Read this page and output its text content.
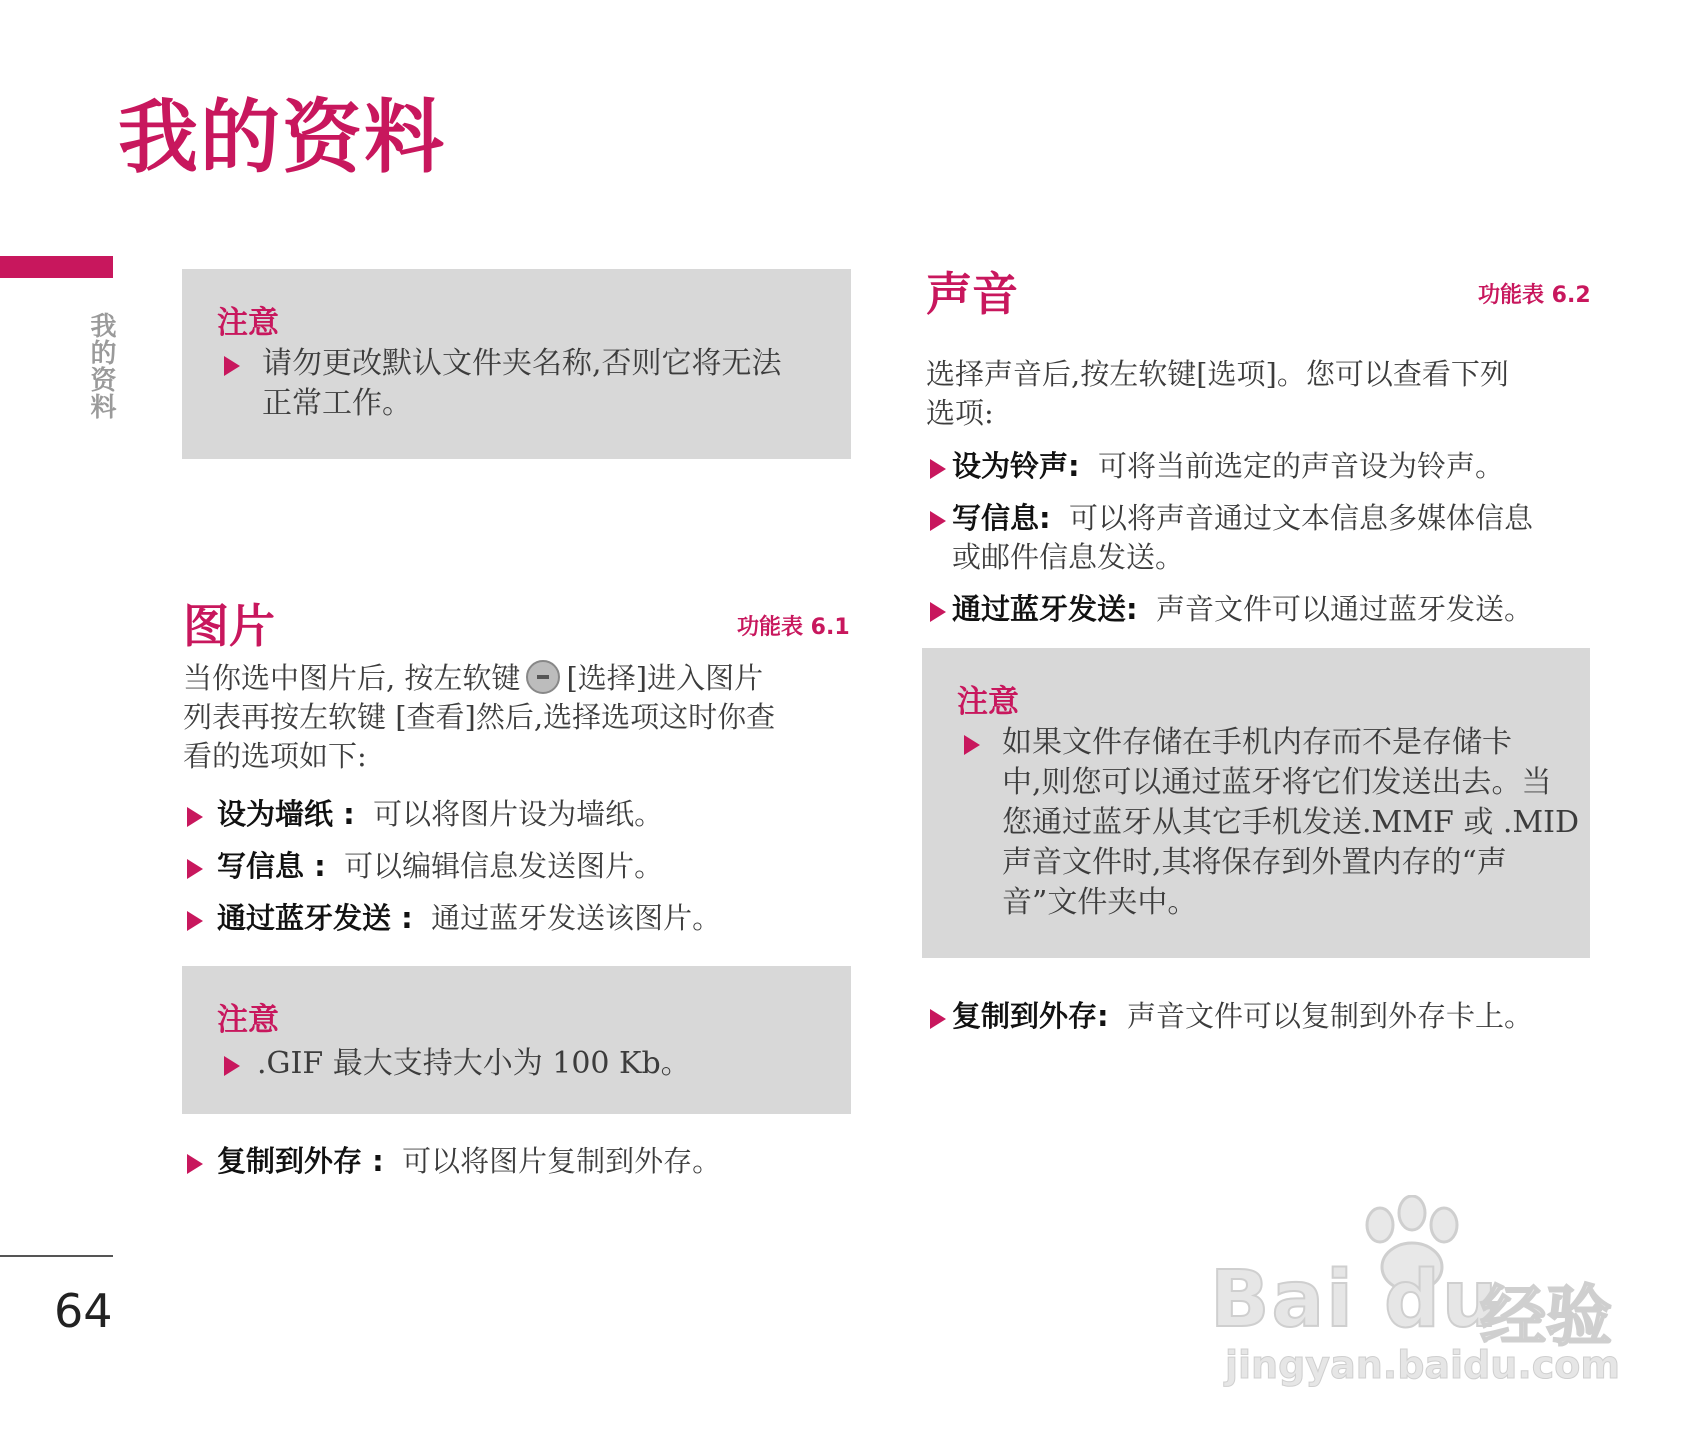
我的资料
我的资料
64
注意
请勿更改默认文件夹名称,否则它将无法
正常工作。
图片	功能表 6.1
当你选中图片后, 按左软键 [选择]进入图片
列表再按左软键 [查看]然后,选择选项这时你查
看的选项如下:
设为墙纸 : 可以将图片设为墙纸。
写信息 : 可以编辑信息发送图片。
通过蓝牙发送 : 通过蓝牙发送该图片。
注意
.GIF 最大支持大小为 100 Kb。
复制到外存 : 可以将图片复制到外存。
声音	功能表 6.2
选择声音后,按左软键[选项]。您可以查看下列
选项:
设为铃声: 可将当前选定的声音设为铃声。
写信息: 可以将声音通过文本信息多媒体信息
或邮件信息发送。
通过蓝牙发送: 声音文件可以通过蓝牙发送。
注意
如果文件存储在手机内存而不是存储卡
中,则您可以通过蓝牙将它们发送出去。当
您通过蓝牙从其它手机发送.MMF 或 .MID
声音文件时,其将保存到外置内存的“声
音”文件夹中。
复制到外存: 声音文件可以复制到外存卡上。
Bai du
经验
jingyan.baidu.com
